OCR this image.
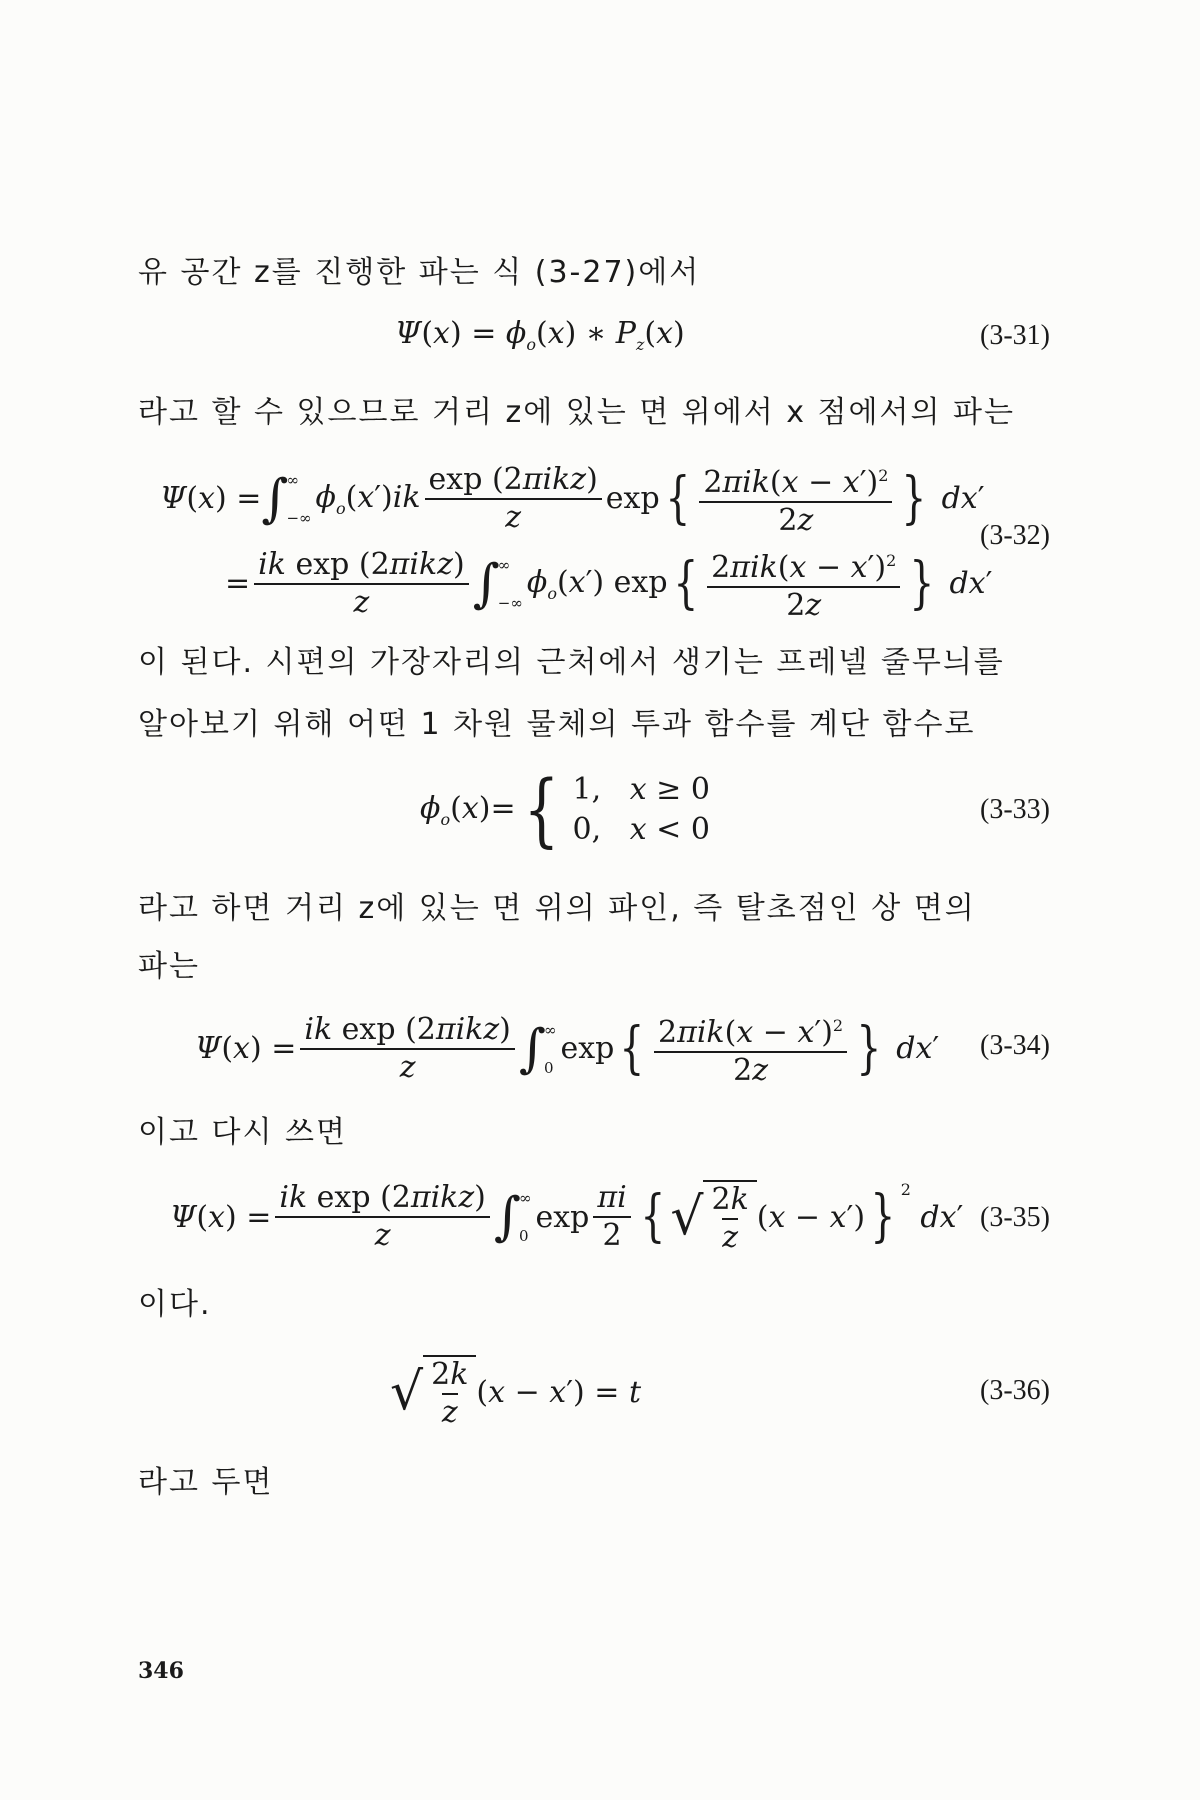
유 공간 z를 진행한 파는 식 (3-27)에서
$\Psi(x) = \phi_o(x)$ ∗ $P_z(x)$	(3-31)
라고 할 수 있으므로 거리 z에 있는 면 위에서 x 점에서의 파는
Ψ(x) = ∫
∞
−∞
$\phi_o(x')ik \frac{\text{exp (2πikz)}}{z}$ exp { $\frac{2\pi ik(x - x')^2}{2z}$ } dx′
= $\frac{\text{ik exp (2πikz)}}{z}$ ∫
∞
−∞
$\phi_o(x')$ exp { $\frac{2\pi ik(x - x')^2}{2z}$ } dx′
(3-32)
이 된다. 시편의 가장자리의 근처에서 생기는 프레넬 줄무늬를
알아보기 위해 어떤 1 차원 물체의 투과 함수를 계단 함수로
$\phi_o(x)=$ { 1,   x ≥ 0
0,   x < 0
(3-33)
라고 하면 거리 z에 있는 면 위의 파인, 즉 탈초점인 상 면의
파는
$\Psi(x) = \frac{\text{ik exp (2πikz)}}{z}$ ∫
∞
0
exp { $\frac{2\pi ik(x - x')^2}{2z}$ } dx′ (3-34)
이고 다시 쓰면
$\Psi(x) = \frac{\text{ik exp (2πikz)}}{z}$ ∫
∞
0
$\exp \frac{\pi i}{2}$ { √ $\frac{2k}{z} (x - x')$ } $^2$
dx′ (3-35)
이다.
√ $\frac{2k}{z} (x - x') = t$	(3-36)
라고 두면
346
